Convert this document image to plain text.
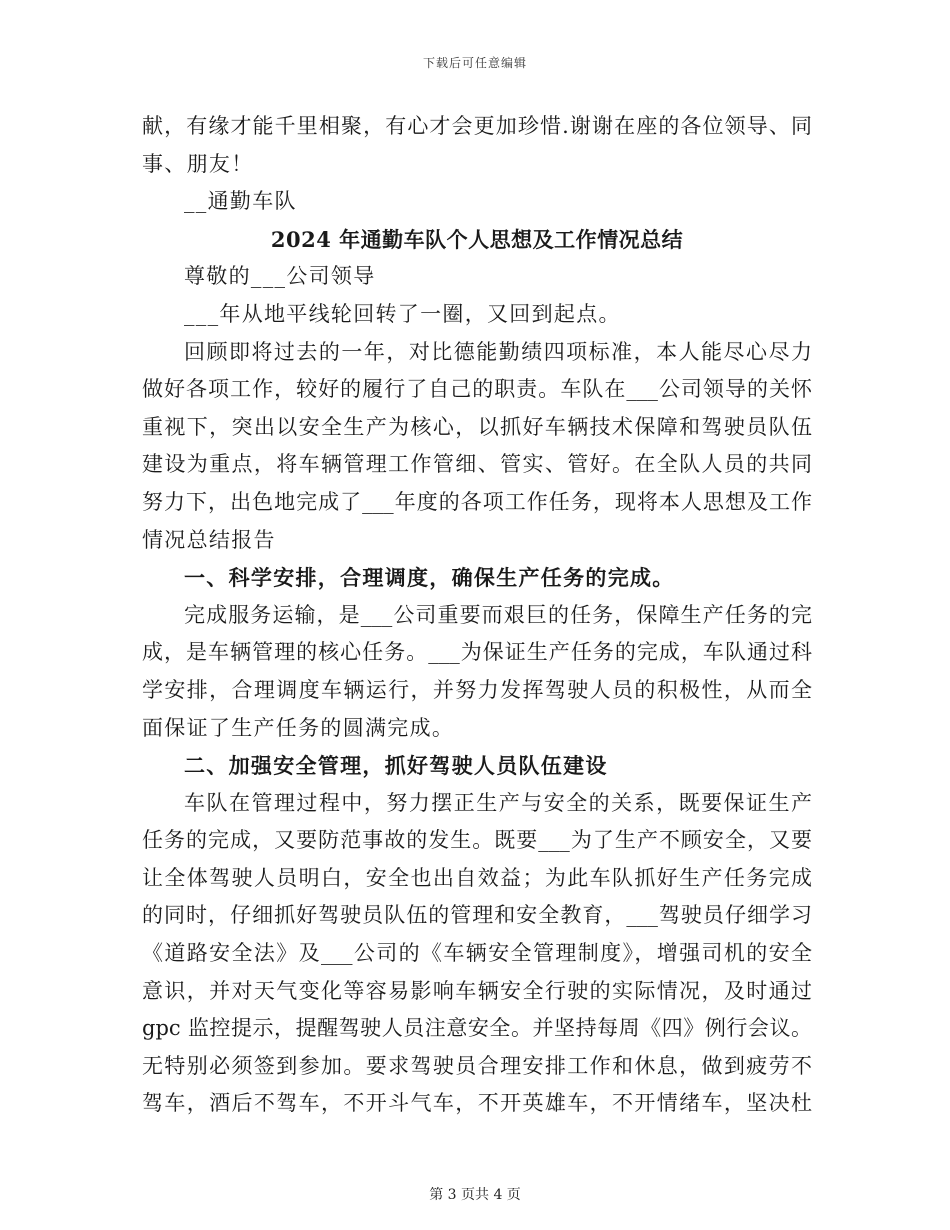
下载后可任意编辑
献，有缘才能千里相聚，有心才会更加珍惜.谢谢在座的各位领导、同
事、朋友！
__通勤车队
2024 年通勤车队个人思想及工作情况总结
尊敬的___公司领导
___年从地平线轮回转了一圈，又回到起点。
回顾即将过去的一年，对比德能勤绩四项标准，本人能尽心尽力
做好各项工作，较好的履行了自己的职责。车队在___公司领导的关怀
重视下，突出以安全生产为核心，以抓好车辆技术保障和驾驶员队伍
建设为重点，将车辆管理工作管细、管实、管好。在全队人员的共同
努力下，出色地完成了___年度的各项工作任务，现将本人思想及工作
情况总结报告
一、科学安排，合理调度，确保生产任务的完成。
完成服务运输，是___公司重要而艰巨的任务，保障生产任务的完
成，是车辆管理的核心任务。___为保证生产任务的完成，车队通过科
学安排，合理调度车辆运行，并努力发挥驾驶人员的积极性，从而全
面保证了生产任务的圆满完成。
二、加强安全管理，抓好驾驶人员队伍建设
车队在管理过程中，努力摆正生产与安全的关系，既要保证生产
任务的完成，又要防范事故的发生。既要___为了生产不顾安全，又要
让全体驾驶人员明白，安全也出自效益；为此车队抓好生产任务完成
的同时，仔细抓好驾驶员队伍的管理和安全教育，___驾驶员仔细学习
《道路安全法》及___公司的《车辆安全管理制度》，增强司机的安全
意识，并对天气变化等容易影响车辆安全行驶的实际情况，及时通过
gpc 监控提示，提醒驾驶人员注意安全。并坚持每周《四》例行会议。
无特别必须签到参加。要求驾驶员合理安排工作和休息，做到疲劳不
驾车，酒后不驾车，不开斗气车，不开英雄车，不开情绪车，坚决杜
第 3 页共 4 页
